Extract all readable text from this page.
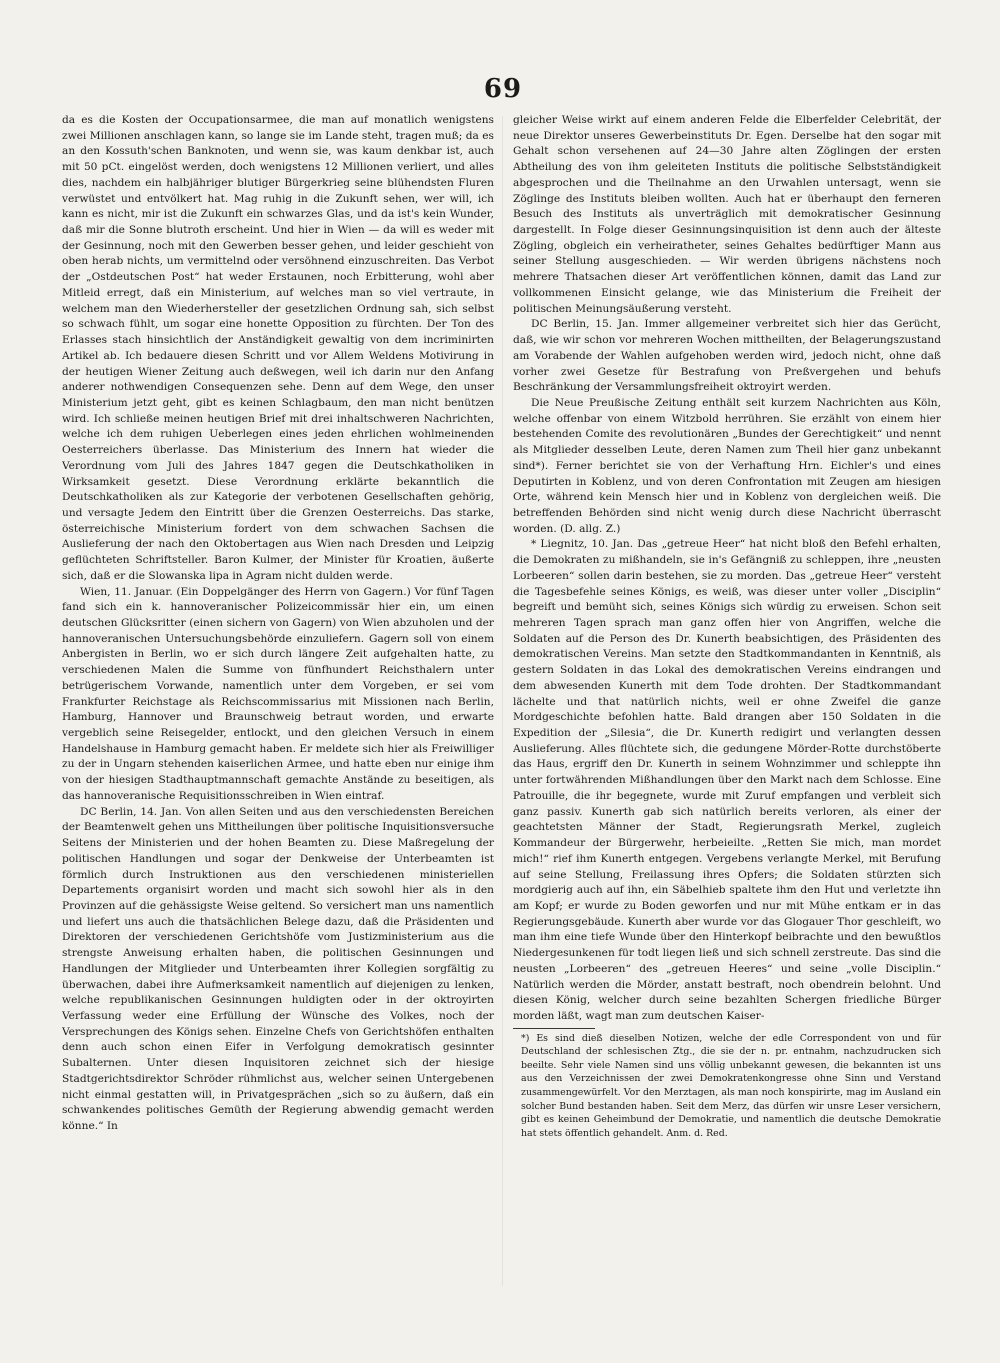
69

da es die Kosten der Occupationsarmee, die man auf monatlich wenigstens zwei Millionen anschlagen kann, so lange sie im Lande steht, tragen muß; da es an den Kossuth'schen Banknoten, und wenn sie, was kaum denkbar ist, auch mit 50 pCt. eingelöst werden, doch wenigstens 12 Millionen verliert, und alles dies, nachdem ein halbjähriger blutiger Bürgerkrieg seine blühendsten Fluren verwüstet und entvölkert hat. Mag ruhig in die Zukunft sehen, wer will, ich kann es nicht, mir ist die Zukunft ein schwarzes Glas, und da ist's kein Wunder, daß mir die Sonne blutroth erscheint. Und hier in Wien — da will es weder mit der Gesinnung, noch mit den Gewerben besser gehen, und leider geschieht von oben herab nichts, um vermittelnd oder versöhnend einzuschreiten. Das Verbot der „Ostdeutschen Post“ hat weder Erstaunen, noch Erbitterung, wohl aber Mitleid erregt, daß ein Ministerium, auf welches man so viel vertraute, in welchem man den Wiederhersteller der gesetzlichen Ordnung sah, sich selbst so schwach fühlt, um sogar eine honette Opposition zu fürchten. Der Ton des Erlasses stach hinsichtlich der Anständigkeit gewaltig von dem incriminirten Artikel ab. Ich bedauere diesen Schritt und vor Allem Weldens Motivirung in der heutigen Wiener Zeitung auch deßwegen, weil ich darin nur den Anfang anderer nothwendigen Consequenzen sehe. Denn auf dem Wege, den unser Ministerium jetzt geht, gibt es keinen Schlagbaum, den man nicht benützen wird. Ich schließe meinen heutigen Brief mit drei inhaltschweren Nachrichten, welche ich dem ruhigen Ueberlegen eines jeden ehrlichen wohlmeinenden Oesterreichers überlasse. Das Ministerium des Innern hat wieder die Verordnung vom Juli des Jahres 1847 gegen die Deutschkatholiken in Wirksamkeit gesetzt. Diese Verordnung erklärte bekanntlich die Deutschkatholiken als zur Kategorie der verbotenen Gesellschaften gehörig, und versagte Jedem den Eintritt über die Grenzen Oesterreichs. Das starke, österreichische Ministerium fordert von dem schwachen Sachsen die Auslieferung der nach den Oktobertagen aus Wien nach Dresden und Leipzig geflüchteten Schriftsteller. Baron Kulmer, der Minister für Kroatien, äußerte sich, daß er die Slowanska lipa in Agram nicht dulden werde.

Wien, 11. Januar. (Ein Doppelgänger des Herrn von Gagern.) Vor fünf Tagen fand sich ein k. hannoveranischer Polizeicommissär hier ein, um einen deutschen Glücksritter (einen sichern von Gagern) von Wien abzuholen und der hannoveranischen Untersuchungsbehörde einzuliefern. Gagern soll von einem Anbergisten in Berlin, wo er sich durch längere Zeit aufgehalten hatte, zu verschiedenen Malen die Summe von fünfhundert Reichsthalern unter betrügerischem Vorwande, namentlich unter dem Vorgeben, er sei vom Frankfurter Reichstage als Reichscommissarius mit Missionen nach Berlin, Hamburg, Hannover und Braunschweig betraut worden, und erwarte vergeblich seine Reisegelder, entlockt, und den gleichen Versuch in einem Handelshause in Hamburg gemacht haben. Er meldete sich hier als Freiwilliger zu der in Ungarn stehenden kaiserlichen Armee, und hatte eben nur einige ihm von der hiesigen Stadthauptmannschaft gemachte Anstände zu beseitigen, als das hannoveranische Requisitionsschreiben in Wien eintraf.

DC Berlin, 14. Jan. Von allen Seiten und aus den verschiedensten Bereichen der Beamtenwelt gehen uns Mittheilungen über politische Inquisitionsversuche Seitens der Ministerien und der hohen Beamten zu. Diese Maßregelung der politischen Handlungen und sogar der Denkweise der Unterbeamten ist förmlich durch Instruktionen aus den verschiedenen ministeriellen Departements organisirt worden und macht sich sowohl hier als in den Provinzen auf die gehässigste Weise geltend. So versichert man uns namentlich und liefert uns auch die thatsächlichen Belege dazu, daß die Präsidenten und Direktoren der verschiedenen Gerichtshöfe vom Justizministerium aus die strengste Anweisung erhalten haben, die politischen Gesinnungen und Handlungen der Mitglieder und Unterbeamten ihrer Kollegien sorgfältig zu überwachen, dabei ihre Aufmerksamkeit namentlich auf diejenigen zu lenken, welche republikanischen Gesinnungen huldigten oder in der oktroyirten Verfassung weder eine Erfüllung der Wünsche des Volkes, noch der Versprechungen des Königs sehen. Einzelne Chefs von Gerichtshöfen enthalten denn auch schon einen Eifer in Verfolgung demokratisch gesinnter Subalternen. Unter diesen Inquisitoren zeichnet sich der hiesige Stadtgerichtsdirektor Schröder rühmlichst aus, welcher seinen Untergebenen nicht einmal gestatten will, in Privatgesprächen „sich so zu äußern, daß ein schwankendes politisches Gemüth der Regierung abwendig gemacht werden könne.“ In

gleicher Weise wirkt auf einem anderen Felde die Elberfelder Celebrität, der neue Direktor unseres Gewerbeinstituts Dr. Egen. Derselbe hat den sogar mit Gehalt schon versehenen auf 24—30 Jahre alten Zöglingen der ersten Abtheilung des von ihm geleiteten Instituts die politische Selbstständigkeit abgesprochen und die Theilnahme an den Urwahlen untersagt, wenn sie Zöglinge des Instituts bleiben wollten. Auch hat er überhaupt den ferneren Besuch des Instituts als unverträglich mit demokratischer Gesinnung dargestellt. In Folge dieser Gesinnungsinquisition ist denn auch der älteste Zögling, obgleich ein verheiratheter, seines Gehaltes bedürftiger Mann aus seiner Stellung ausgeschieden. — Wir werden übrigens nächstens noch mehrere Thatsachen dieser Art veröffentlichen können, damit das Land zur vollkommenen Einsicht gelange, wie das Ministerium die Freiheit der politischen Meinungsäußerung versteht.

DC Berlin, 15. Jan. Immer allgemeiner verbreitet sich hier das Gerücht, daß, wie wir schon vor mehreren Wochen mittheilten, der Belagerungszustand am Vorabende der Wahlen aufgehoben werden wird, jedoch nicht, ohne daß vorher zwei Gesetze für Bestrafung von Preßvergehen und behufs Beschränkung der Versammlungsfreiheit oktroyirt werden.

Die Neue Preußische Zeitung enthält seit kurzem Nachrichten aus Köln, welche offenbar von einem Witzbold herrühren. Sie erzählt von einem hier bestehenden Comite des revolutionären „Bundes der Gerechtigkeit“ und nennt als Mitglieder desselben Leute, deren Namen zum Theil hier ganz unbekannt sind*). Ferner berichtet sie von der Verhaftung Hrn. Eichler's und eines Deputirten in Koblenz, und von deren Confrontation mit Zeugen am hiesigen Orte, während kein Mensch hier und in Koblenz von dergleichen weiß. Die betreffenden Behörden sind nicht wenig durch diese Nachricht überrascht worden. (D. allg. Z.)

* Liegnitz, 10. Jan. Das „getreue Heer“ hat nicht bloß den Befehl erhalten, die Demokraten zu mißhandeln, sie in's Gefängniß zu schleppen, ihre „neusten Lorbeeren“ sollen darin bestehen, sie zu morden. Das „getreue Heer“ versteht die Tagesbefehle seines Königs, es weiß, was dieser unter voller „Disciplin“ begreift und bemüht sich, seines Königs sich würdig zu erweisen. Schon seit mehreren Tagen sprach man ganz offen hier von Angriffen, welche die Soldaten auf die Person des Dr. Kunerth beabsichtigen, des Präsidenten des demokratischen Vereins. Man setzte den Stadtkommandanten in Kenntniß, als gestern Soldaten in das Lokal des demokratischen Vereins eindrangen und dem abwesenden Kunerth mit dem Tode drohten. Der Stadtkommandant lächelte und that natürlich nichts, weil er ohne Zweifel die ganze Mordgeschichte befohlen hatte. Bald drangen aber 150 Soldaten in die Expedition der „Silesia“, die Dr. Kunerth redigirt und verlangten dessen Auslieferung. Alles flüchtete sich, die gedungene Mörder-Rotte durchstöberte das Haus, ergriff den Dr. Kunerth in seinem Wohnzimmer und schleppte ihn unter fortwährenden Mißhandlungen über den Markt nach dem Schlosse. Eine Patrouille, die ihr begegnete, wurde mit Zuruf empfangen und verbleit sich ganz passiv. Kunerth gab sich natürlich bereits verloren, als einer der geachtetsten Männer der Stadt, Regierungsrath Merkel, zugleich Kommandeur der Bürgerwehr, herbeieilte. „Retten Sie mich, man mordet mich!“ rief ihm Kunerth entgegen. Vergebens verlangte Merkel, mit Berufung auf seine Stellung, Freilassung ihres Opfers; die Soldaten stürzten sich mordgierig auch auf ihn, ein Säbelhieb spaltete ihm den Hut und verletzte ihn am Kopf; er wurde zu Boden geworfen und nur mit Mühe entkam er in das Regierungsgebäude. Kunerth aber wurde vor das Glogauer Thor geschleift, wo man ihm eine tiefe Wunde über den Hinterkopf beibrachte und den bewußtlos Niedergesunkenen für todt liegen ließ und sich schnell zerstreute. Das sind die neusten „Lorbeeren“ des „getreuen Heeres“ und seine „volle Disciplin.“ Natürlich werden die Mörder, anstatt bestraft, noch obendrein belohnt. Und diesen König, welcher durch seine bezahlten Schergen friedliche Bürger morden läßt, wagt man zum deutschen Kaiser-

*) Es sind dieß dieselben Notizen, welche der edle Correspondent von und für Deutschland der schlesischen Ztg., die sie der n. pr. entnahm, nachzudrucken sich beeilte. Sehr viele Namen sind uns völlig unbekannt gewesen, die bekannten ist uns aus den Verzeichnissen der zwei Demokratenkongresse ohne Sinn und Verstand zusammengewürfelt. Vor den Merztagen, als man noch konspirirte, mag im Ausland ein solcher Bund bestanden haben. Seit dem Merz, das dürfen wir unsre Leser versichern, gibt es keinen Geheimbund der Demokratie, und namentlich die deutsche Demokratie hat stets öffentlich gehandelt. Anm. d. Red.
